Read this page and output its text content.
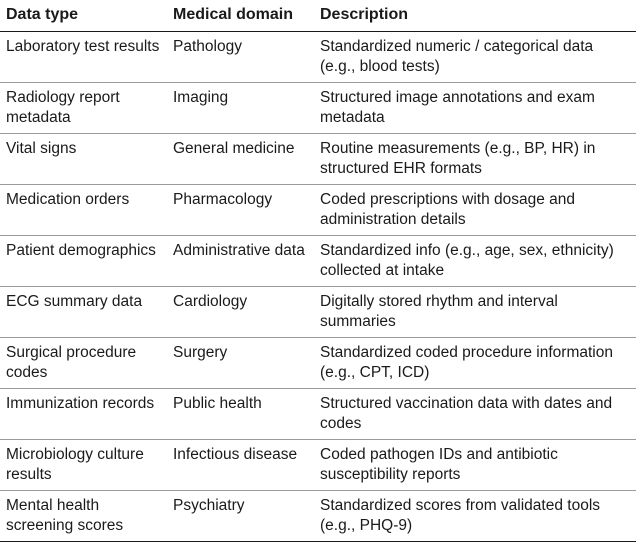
Data type	Medical domain	Description

Laboratory test results	Pathology	Standardized numeric / categorical data (e.g., blood tests)

Radiology report metadata	Imaging	Structured image annotations and exam metadata

Vital signs	General medicine	Routine measurements (e.g., BP, HR) in structured EHR formats

Medication orders	Pharmacology	Coded prescriptions with dosage and administration details

Patient demographics	Administrative data	Standardized info (e.g., age, sex, ethnicity) collected at intake

ECG summary data	Cardiology	Digitally stored rhythm and interval summaries

Surgical procedure codes	Surgery	Standardized coded procedure information (e.g., CPT, ICD)

Immunization records	Public health	Structured vaccination data with dates and codes

Microbiology culture results	Infectious disease	Coded pathogen IDs and antibiotic susceptibility reports

Mental health screening scores	Psychiatry	Standardized scores from validated tools (e.g., PHQ-9)
